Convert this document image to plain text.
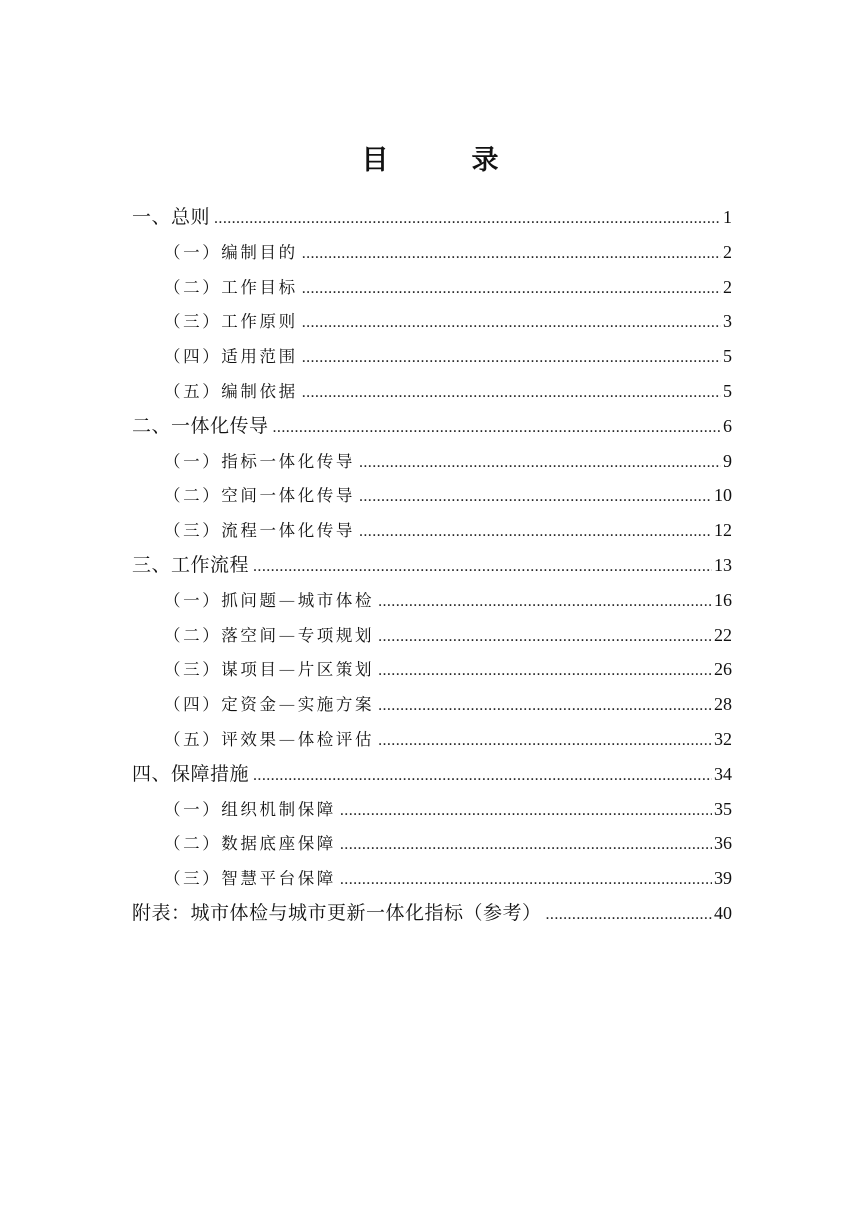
目　录
一、总则 .....	1
（一）编制目的 .....	2
（二）工作目标 .....	2
（三）工作原则 .....	3
（四）适用范围 .....	5
（五）编制依据 .....	5
二、一体化传导 .....	6
（一）指标一体化传导 .....	9
（二）空间一体化传导 .....	10
（三）流程一体化传导 .....	12
三、工作流程 .....	13
（一）抓问题—城市体检 .....	16
（二）落空间—专项规划 .....	22
（三）谋项目—片区策划 .....	26
（四）定资金—实施方案 .....	28
（五）评效果—体检评估 .....	32
四、保障措施 .....	34
（一）组织机制保障 .....	35
（二）数据底座保障 .....	36
（三）智慧平台保障 .....	39
附表：城市体检与城市更新一体化指标（参考） .....	40
